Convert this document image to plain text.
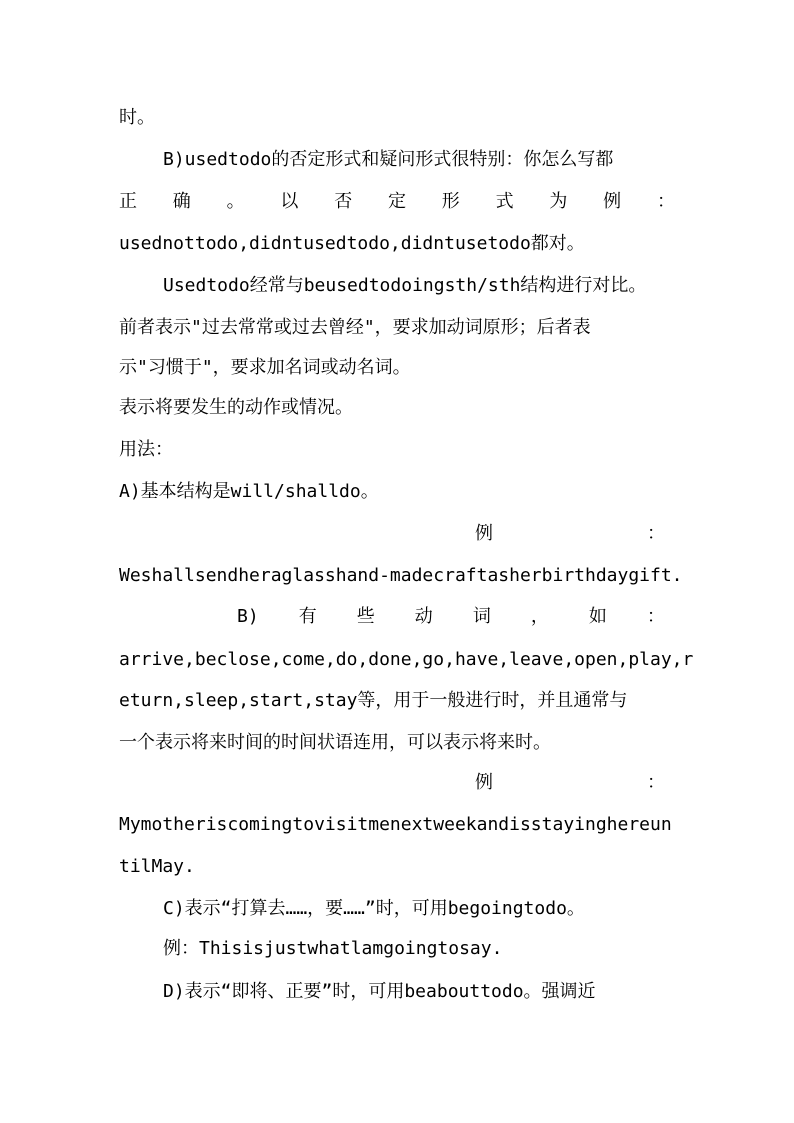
时。
B)usedtodo的否定形式和疑问形式很特别：你怎么写都
正 确 。 以 否 定 形 式 为 例 ：
usednottodo,didntusedtodo,didntusetodo都对。
Usedtodo经常与beusedtodoingsth/sth结构进行对比。
前者表示"过去常常或过去曾经"，要求加动词原形；后者表
示"习惯于"，要求加名词或动名词。
表示将要发生的动作或情况。
用法：
A)基本结构是will/shalldo。
例	：
Weshallsendheraglasshand-madecraftasherbirthdaygift.
B) 有 些 动 词 ， 如 ：
arrive,beclose,come,do,done,go,have,leave,open,play,r
eturn,sleep,start,stay等，用于一般进行时，并且通常与
一个表示将来时间的时间状语连用，可以表示将来时。
例	：
Mymotheriscomingtovisitmenextweekandisstayinghereun
tilMay.
C)表示“打算去……，要……”时，可用begoingtodo。
例：Thisisjustwhatlamgoingtosay.
D)表示“即将、正要”时，可用beabouttodo。强调近
